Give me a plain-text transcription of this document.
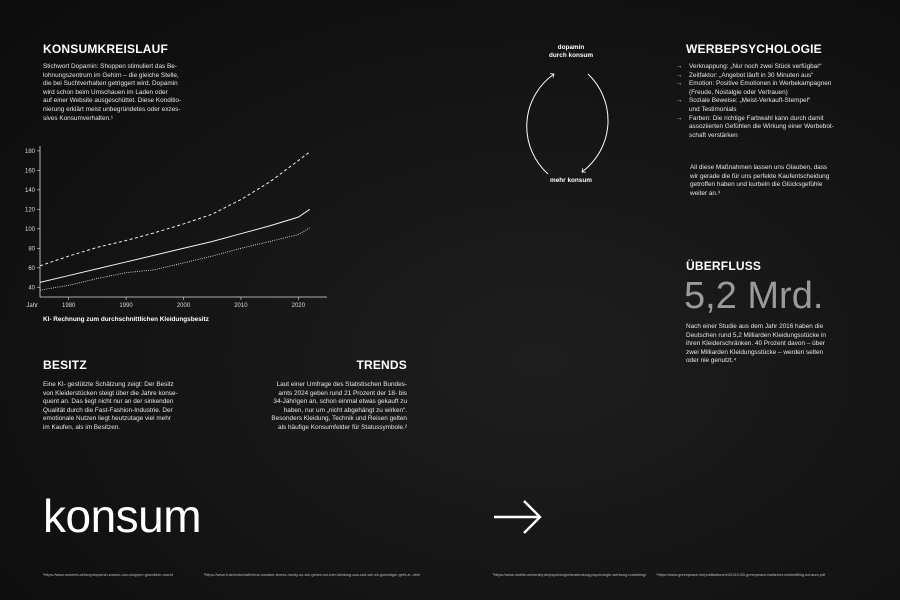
KONSUMKREISLAUF
Stichwort Dopamin: Shoppen stimuliert das Be-
lohnungszentrum im Gehirn – die gleiche Stelle,
die bei Suchtverhalten getriggert wird. Dopamin
wird schon beim Umschauen im Laden oder
auf einer Website ausgeschüttet. Diese Konditio-
nierung erklärt meist unbegründetes oder exzes-
sives Konsumverhalten.¹
40
60
80
100
120
140
160
180
1980	1990	2000	2010	2020
Jahr
KI- Rechnung zum durchschnittlichen Kleidungsbesitz
BESITZ
Eine KI- gestützte Schätzung zeigt: Der Besitz
von Kleiderstücken steigt über die Jahre konse-
quent an. Das liegt nicht nur an der sinkenden
Qualität durch die Fast-Fashion-Industrie. Der
emotionale Nutzen liegt heutzutage viel mehr
im Kaufen, als im Besitzen.
TRENDS
Laut einer Umfrage des Statistischen Bundes-
amts 2024 geben rund 21 Prozent der 18- bis
34-Jährigen an, schon einmal etwas gekauft zu
haben, nur um „nicht abgehängt zu wirken“.
Besonders Kleidung, Technik und Reisen gelten
als häufige Konsumfelder für Statussymbole.²
konsum
dopamin
durch konsum
mehr konsum
WERBEPSYCHOLOGIE
→ Verknappung: „Nur noch zwei Stück verfügbar“
→ Zeitfaktor: „Angebot läuft in 30 Minuten aus“
→ Emotion: Positive Emotionen in Werbekampagnen
(Freude, Nostalgie oder Vertrauen)
→ Soziale Beweise: „Meist-Verkauft-Stempel“
und Testimonials
→ Farben: Die richtige Farbwahl kann durch damit
assoziierten Gefühlen die Wirkung einer Werbebot-
schaft verstärken
All diese Maßnahmen lassen uns Glauben, dass
wir gerade die für uns perfekte Kaufentscheidung
getroffen haben und kurbeln die Glücksgefühle
weiter an.³
ÜBERFLUSS
5,2 Mrd.
Nach einer Studie aus dem Jahr 2016 haben die
Deutschen rund 5,2 Milliarden Kleidungsstücke in
ihren Kleiderschränken. 40 Prozent davon – über
zwei Milliarden Kleidungsstücke – werden selten
oder nie genutzt.⁴
¹https://www.moment.at/story/dopamin-warum-uns-shoppen-gluecklich-macht	²https://www.fr.de/wirtschaft/neue-sneaker-teures-handy-so-viel-geben-wir-fuer-kleidung-aus-und-wie-es-guenstiger-geht-zr-.html	³https://www.mobile-university.de/psychologie/anwendung-psychologie-werbung-marketing/	⁴https://www.greenpeace.de/publikationen/20151030-greenpeace-factsheet-mekleidfling-konsum.pdf
